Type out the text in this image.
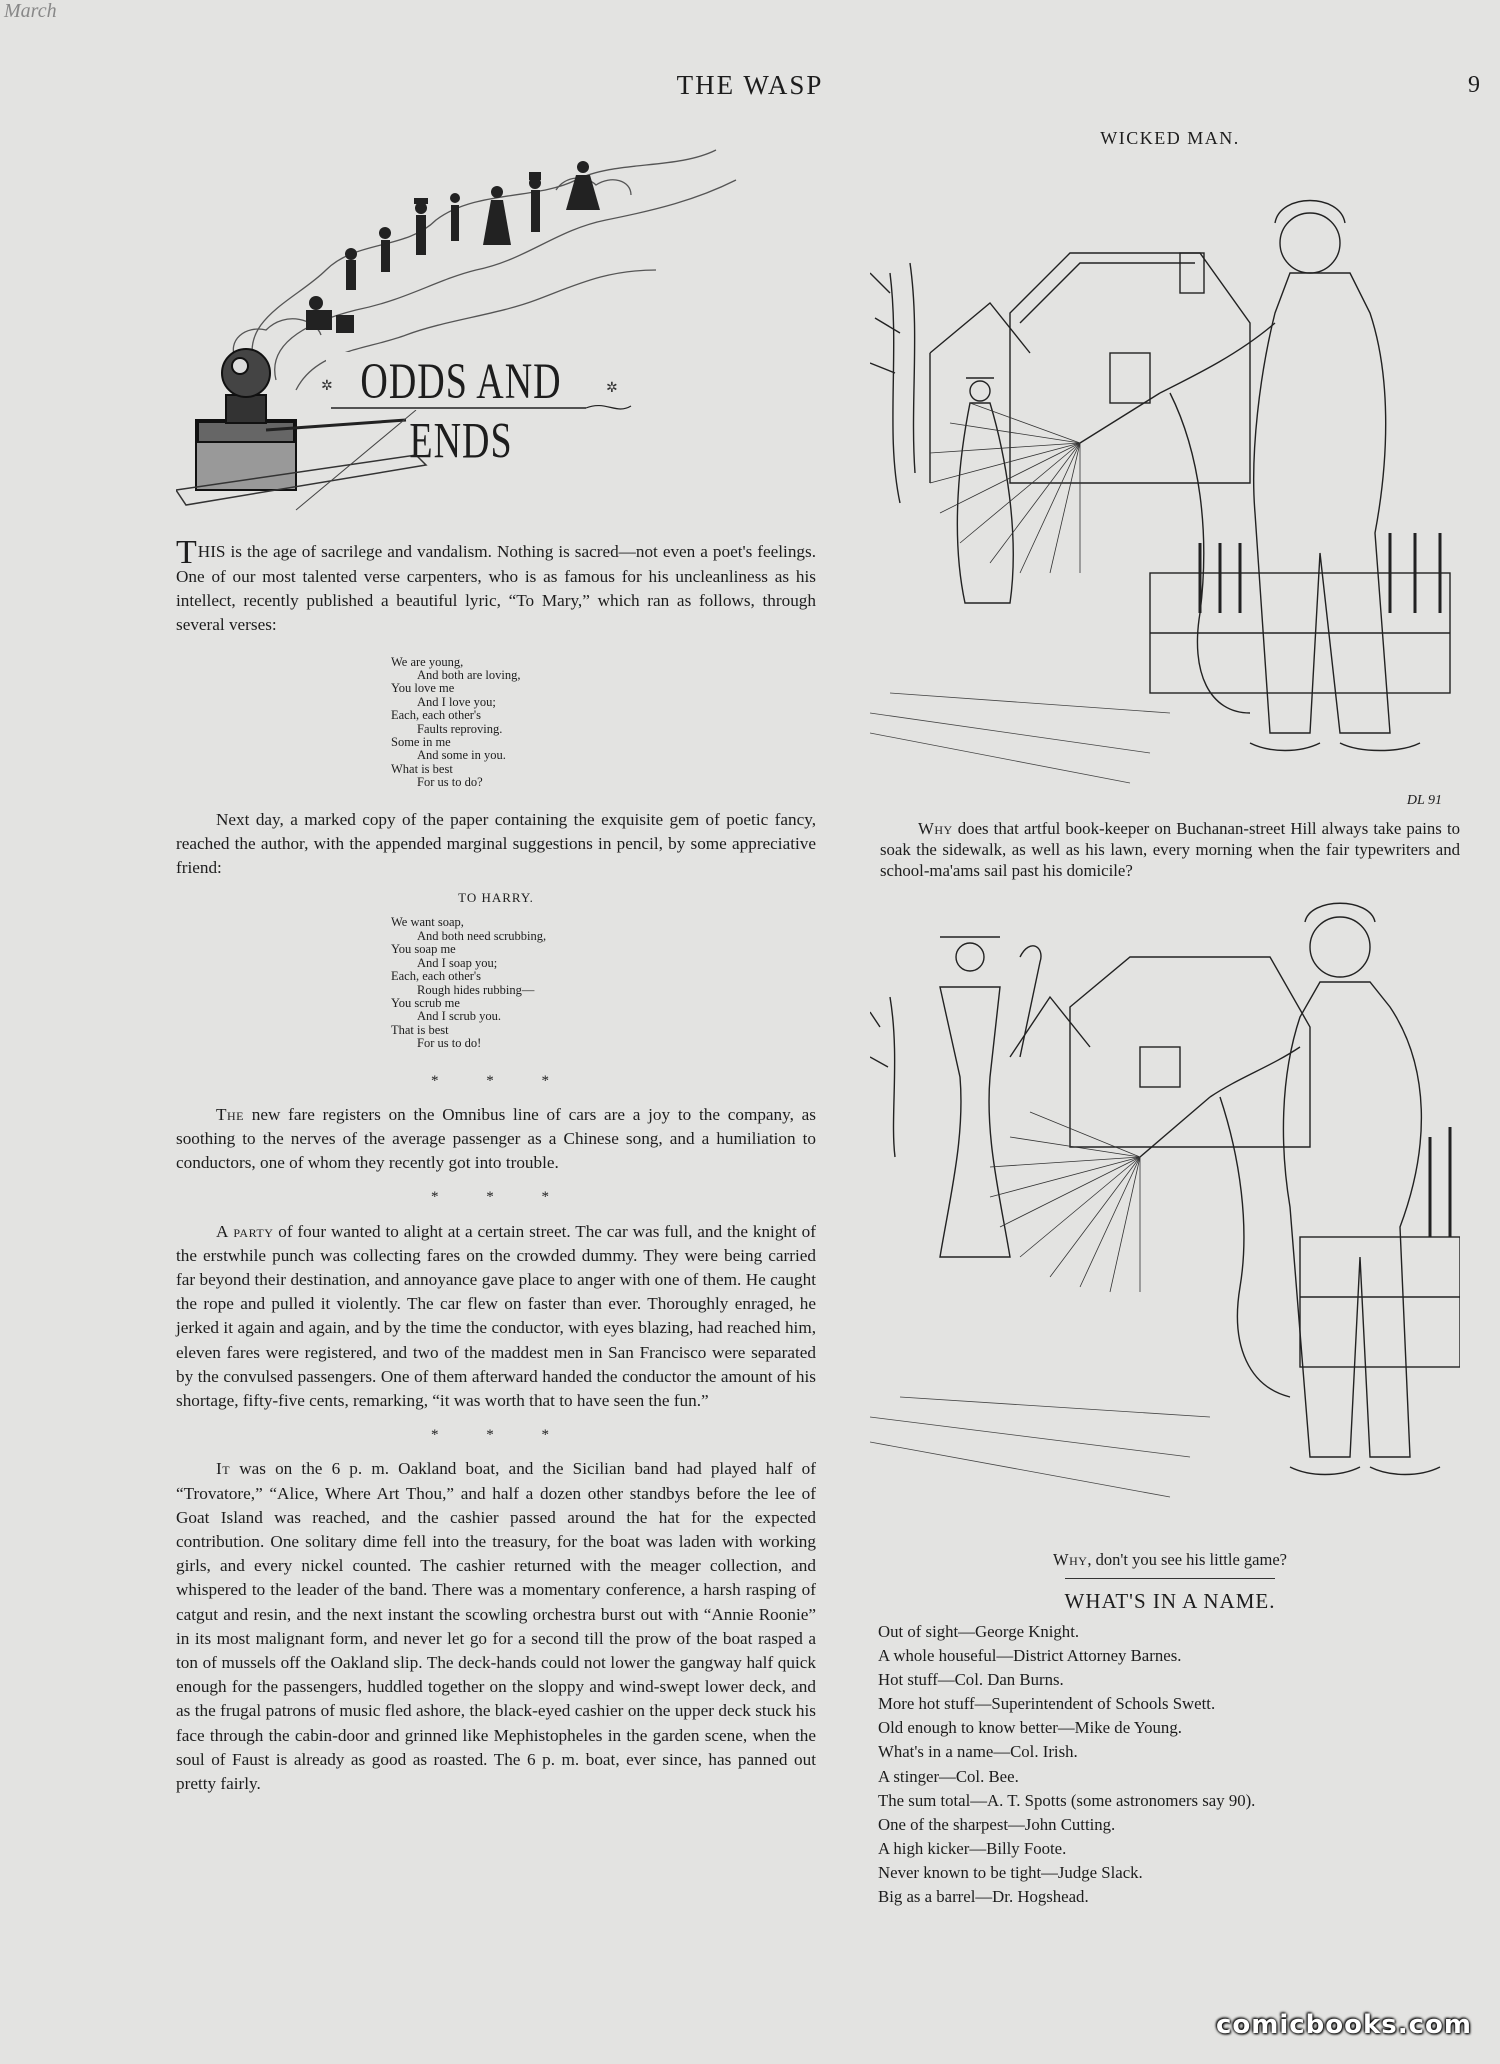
March
THE WASP	9
✲
✲ ODDS AND ENDS

THIS is the age of sacrilege and vandalism. Nothing is sacred—not even a poet's feelings. One of our most talented verse carpenters, who is as famous for his uncleanliness as his intellect, recently published a beautiful lyric, “To Mary,” which ran as follows, through several verses:

We are young,
And both are loving,
You love me
And I love you;
Each, each other's
Faults reproving.
Some in me
And some in you.
What is best
For us to do?

Next day, a marked copy of the paper containing the exquisite gem of poetic fancy, reached the author, with the appended marginal suggestions in pencil, by some appreciative friend:

TO HARRY.
We want soap,
And both need scrubbing,
You soap me
And I soap you;
Each, each other's
Rough hides rubbing—
You scrub me
And I scrub you.
That is best
For us to do!
* * *

The new fare registers on the Omnibus line of cars are a joy to the company, as soothing to the nerves of the average passenger as a Chinese song, and a humiliation to conductors, one of whom they recently got into trouble.

* * *

A party of four wanted to alight at a certain street. The car was full, and the knight of the erstwhile punch was collecting fares on the crowded dummy. They were being carried far beyond their destination, and annoyance gave place to anger with one of them. He caught the rope and pulled it violently. The car flew on faster than ever. Thoroughly enraged, he jerked it again and again, and by the time the conductor, with eyes blazing, had reached him, eleven fares were registered, and two of the maddest men in San Francisco were separated by the convulsed passengers. One of them afterward handed the conductor the amount of his shortage, fifty-five cents, remarking, “it was worth that to have seen the fun.”

* * *

It was on the 6 p. m. Oakland boat, and the Sicilian band had played half of “Trovatore,” “Alice, Where Art Thou,” and half a dozen other standbys before the lee of Goat Island was reached, and the cashier passed around the hat for the expected contribution. One solitary dime fell into the treasury, for the boat was laden with working girls, and every nickel counted. The cashier returned with the meager collection, and whispered to the leader of the band. There was a momentary conference, a harsh rasping of catgut and resin, and the next instant the scowling orchestra burst out with “Annie Roonie” in its most malignant form, and never let go for a second till the prow of the boat rasped a ton of mussels off the Oakland slip. The deck-hands could not lower the gangway half quick enough for the passengers, huddled together on the sloppy and wind-swept lower deck, and as the frugal patrons of music fled ashore, the black-eyed cashier on the upper deck stuck his face through the cabin-door and grinned like Mephistopheles in the garden scene, when the soul of Faust is already as good as roasted. The 6 p. m. boat, ever since, has panned out pretty fairly.

WICKED MAN.
DL 91

Why does that artful book-keeper on Buchanan-street Hill always take pains to soak the sidewalk, as well as his lawn, every morning when the fair typewriters and school-ma'ams sail past his domicile?

Why, don't you see his little game?
WHAT'S IN A NAME.
Out of sight—George Knight.
A whole houseful—District Attorney Barnes.
Hot stuff—Col. Dan Burns.
More hot stuff—Superintendent of Schools Swett.
Old enough to know better—Mike de Young.
What's in a name—Col. Irish.
A stinger—Col. Bee.
The sum total—A. T. Spotts (some astronomers say 90).
One of the sharpest—John Cutting.
A high kicker—Billy Foote.
Never known to be tight—Judge Slack.
Big as a barrel—Dr. Hogshead.
comicbooks.com
